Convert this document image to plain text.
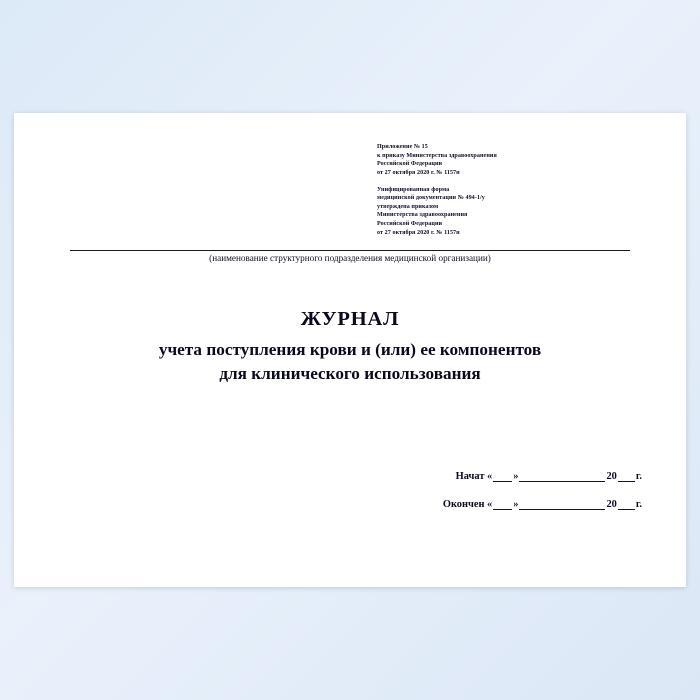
Приложение № 15
к приказу Министерства здравоохранения
Российской Федерации
от 27 октября 2020 г. № 1157н
Унифицированная форма
медицинской документации № 494-1/у
утверждена приказом
Министерства здравоохранения
Российской Федерации
от 27 октября 2020 г. № 1157н
(наименование структурного подразделения медицинской организации)
ЖУРНАЛ
учета поступления крови и (или) ее компонентов
для клинического использования
Начат « »	20 г.
Окончен « »	20 г.
